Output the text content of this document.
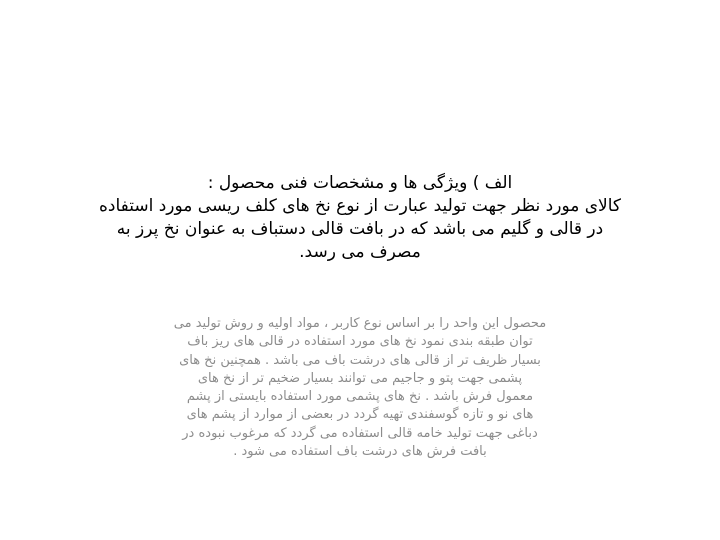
الف ) ویژگی ها و مشخصات فنی محصول :
کالای مورد نظر جهت تولید عبارت از نوع نخ های کلف ریسی مورد استفاده
در قالی و گلیم می باشد که در بافت قالی دستباف به عنوان نخ پرز به
مصرف می رسد.
محصول این واحد را بر اساس نوع کاربر ، مواد اولیه و روش تولید می
توان طبقه بندی نمود نخ های مورد استفاده در قالی های ریز باف
بسیار ظریف تر از قالی های درشت باف می باشد . همچنین نخ های
پشمی جهت پتو و جاجیم می توانند بسیار ضخیم تر از نخ های
معمول فرش باشد . نخ های پشمی مورد استفاده بایستی از پشم
های نو و تازه گوسفندی تهیه گردد در بعضی از موارد از پشم های
دباغی جهت تولید خامه قالی استفاده می گردد که مرغوب نبوده در
بافت فرش های درشت باف استفاده می شود .
